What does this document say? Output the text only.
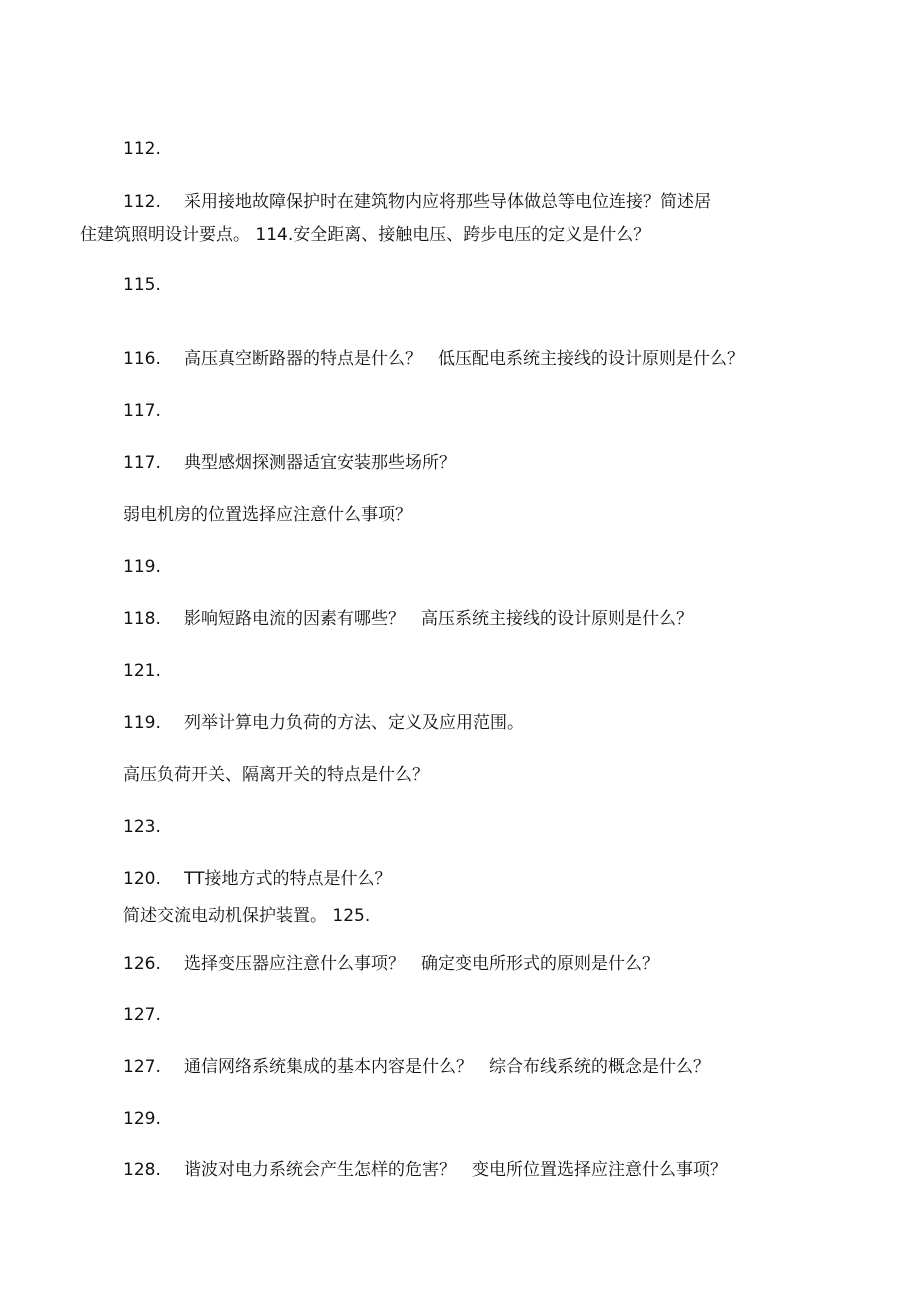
112.
112. 采用接地故障保护时在建筑物内应将那些导体做总等电位连接？简述居
住建筑照明设计要点。 114.安全距离、接触电压、跨步电压的定义是什么？
115.
116. 高压真空断路器的特点是什么？ 低压配电系统主接线的设计原则是什么？
117.
117. 典型感烟探测器适宜安装那些场所？
弱电机房的位置选择应注意什么事项？
119.
118. 影响短路电流的因素有哪些？ 高压系统主接线的设计原则是什么？
121.
119. 列举计算电力负荷的方法、定义及应用范围。
高压负荷开关、隔离开关的特点是什么？
123.
120. TT接地方式的特点是什么？
简述交流电动机保护装置。 125.
126. 选择变压器应注意什么事项？ 确定变电所形式的原则是什么？
127.
127. 通信网络系统集成的基本内容是什么？ 综合布线系统的概念是什么？
129.
128. 谐波对电力系统会产生怎样的危害？ 变电所位置选择应注意什么事项？
